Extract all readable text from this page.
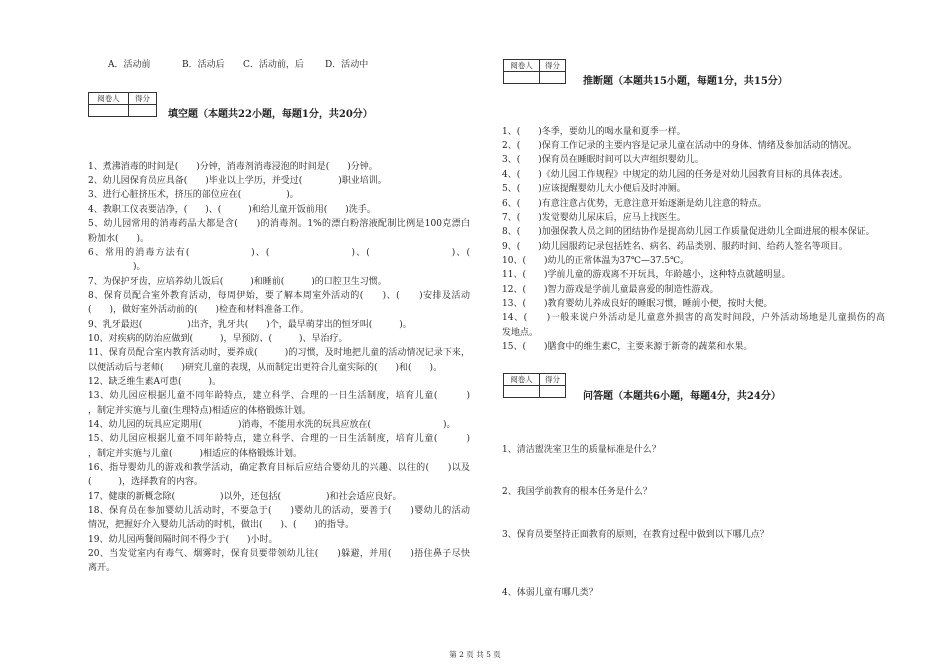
A．活动前	B．活动后 C．活动前，后 D．活动中
阅卷人	得分
填空题（本题共22小题，每题1分，共20分）
1、煮沸消毒的时间是(　　)分钟，消毒剂消毒浸泡的时间是(　　)分钟。
2、幼儿园保育员应具备(　　)毕业以上学历，并受过(　　　　)职业培训。
3、进行心脏挤压术，挤压的部位应在(　　　　　)。
4、教职工仪表要洁净，(　　)、(　　　)和给儿童开饭前用(　　)洗手。
5、幼儿园常用的消毒药品大都是含(　　)的消毒剂。1%的漂白粉溶液配制比例是100克漂白
粉加水(　　)。
6、常用的消毒方法有(　　　　　　)、(　　　　　　　　)、(　　　　　　　　)、(
　　　　　)。
7、为保护牙齿，应培养幼儿饭后(　　　)和睡前(　　　)的口腔卫生习惯。
8、保育员配合室外教育活动，每周伊始，要了解本周室外活动的(　　)、(　　)安排及活动
(　　)，做好室外活动前的(　　)检查和材料准备工作。
9、乳牙最迟(　　　　　)出齐，乳牙共(　　)个，最早萌芽出的恒牙叫(　　　)。
10、对疾病的防治应做到(　　　)，早预防、(　　　)、早治疗。
11、保育员配合室内教育活动时，要养成(　　　)的习惯，及时地把儿童的活动情况记录下来，
以便活动后与老师(　　)研究儿童的表现，从而制定出更符合儿童实际的(　　)和(　　)。
12、缺乏维生素A可患(　　　)。
13、幼儿园应根据儿童不同年龄特点，建立科学、合理的一日生活制度，培育儿童(　　　)
，制定并实施与儿童(生理特点)相适应的体格锻炼计划。
14、幼儿园的玩具应定期用(　　　　)消毒，不能用水洗的玩具应放在(　　　　　　　　)。
15、幼儿园应根据儿童不同年龄特点，建立科学、合理的一日生活制度，培育儿童(　　　)
，制定并实施与儿童(　　　)相适应的体格锻炼计划。
16、指导婴幼儿的游戏和教学活动，确定教育目标后应结合婴幼儿的兴趣、以往的(　　)以及
(　　　)，选择教育的内容。
17、健康的新概念除(　　　　　)以外，还包括(　　　　　)和社会适应良好。
18、保育员在参加婴幼儿活动时，不要急于(　　)婴幼儿的活动，要善于(　　)婴幼儿的活动
情况，把握好介入婴幼儿活动的时机，做出(　　)、(　　)的指导。
19、幼儿园两餐间隔时间不得少于(　　)小时。
20、当发觉室内有毒气、烟雾时，保育员要带领幼儿往(　　)躲避，并用(　　)捂住鼻子尽快
离开。
阅卷人	得分
推断题（本题共15小题，每题1分，共15分）
1、(　　)冬季，要幼儿的喝水量和夏季一样。
2、(　　)保育工作记录的主要内容是记录儿童在活动中的身体、情绪及参加活动的情况。
3、(　　)保育员在睡眠时间可以大声组织婴幼儿。
4、(　　)《幼儿园工作规程》中规定的幼儿园的任务是对幼儿园教育目标的具体表述。
5、(　　)应该提醒婴幼儿大小便后及时冲厕。
6、(　　)有意注意占优势，无意注意开始逐渐是幼儿注意的特点。
7、(　　)发觉婴幼儿尿床后，应马上找医生。
8、(　　)加强保教人员之间的团结协作是提高幼儿园工作质量促进幼儿全面进展的根本保证。
9、(　　)幼儿园服药记录包括姓名、病名、药品类别、服药时间、给药人签名等项目。
10、(　　)幼儿的正常体温为37℃—37.5℃。
11、(　　)学前儿童的游戏离不开玩具，年龄越小，这种特点就越明显。
12、(　　)智力游戏是学前儿童最喜爱的制造性游戏。
13、(　　)教育婴幼儿养成良好的睡眠习惯，睡前小便，按时大便。
14、(　　)一般来说户外活动是儿童意外损害的高发时间段，户外活动场地是儿童损伤的高
发地点。
15、(　　)膳食中的维生素C，主要来源于新奇的蔬菜和水果。
阅卷人	得分
问答题（本题共6小题，每题4分，共24分）
1、清洁盥洗室卫生的质量标准是什么？
2、我国学前教育的根本任务是什么？
3、保育员要坚持正面教育的原则，在教育过程中做到以下哪几点？
4、体弱儿童有哪几类？
第 2 页 共 5 页
